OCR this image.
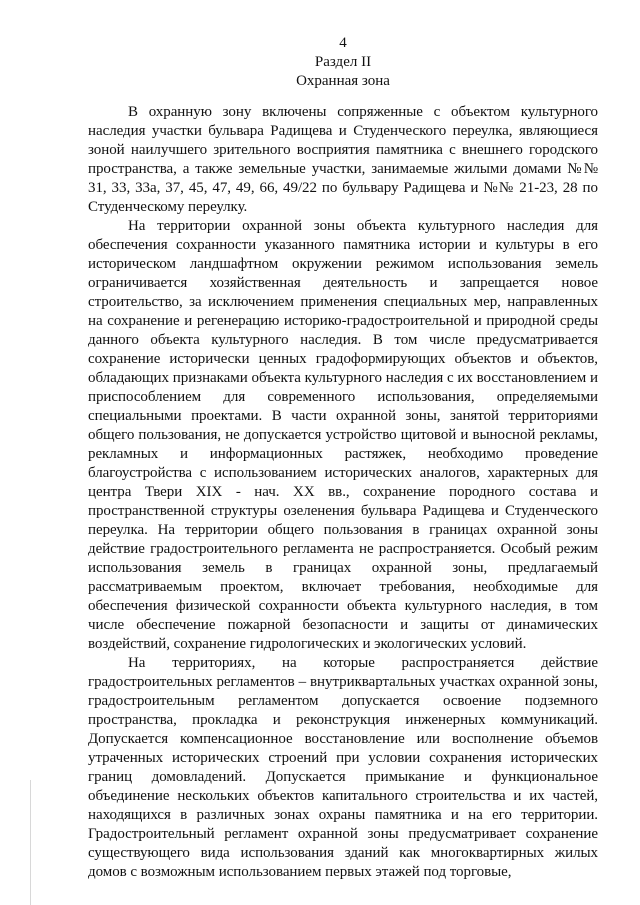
4

Раздел II

Охранная зона

В охранную зону включены сопряженные с объектом культурного наследия участки бульвара Радищева и Студенческого переулка, являющиеся зоной наилучшего зрительного восприятия памятника с внешнего городского пространства, а также земельные участки, занимаемые жилыми домами №№ 31, 33, 33а, 37, 45, 47, 49, 66, 49/22 по бульвару Радищева и №№ 21-23, 28 по Студенческому переулку.

На территории охранной зоны объекта культурного наследия для обеспечения сохранности указанного памятника истории и культуры в его историческом ландшафтном окружении режимом использования земель ограничивается хозяйственная деятельность и запрещается новое строительство, за исключением применения специальных мер, направленных на сохранение и регенерацию историко-градостроительной и природной среды данного объекта культурного наследия. В том числе предусматривается сохранение исторически ценных градоформирующих объектов и объектов, обладающих признаками объекта культурного наследия с их восстановлением и приспособлением для современного использования, определяемыми специальными проектами. В части охранной зоны, занятой территориями общего пользования, не допускается устройство щитовой и выносной рекламы, рекламных и информационных растяжек, необходимо проведение благоустройства с использованием исторических аналогов, характерных для центра Твери XIX - нач. XX вв., сохранение породного состава и пространственной структуры озеленения бульвара Радищева и Студенческого переулка. На территории общего пользования в границах охранной зоны действие градостроительного регламента не распространяется. Особый режим использования земель в границах охранной зоны, предлагаемый рассматриваемым проектом, включает требования, необходимые для обеспечения физической сохранности объекта культурного наследия, в том числе обеспечение пожарной безопасности и защиты от динамических воздействий, сохранение гидрологических и экологических условий.

На территориях, на которые распространяется действие градостроительных регламентов – внутриквартальных участках охранной зоны, градостроительным регламентом допускается освоение подземного пространства, прокладка и реконструкция инженерных коммуникаций. Допускается компенсационное восстановление или восполнение объемов утраченных исторических строений при условии сохранения исторических границ домовладений. Допускается примыкание и функциональное объединение нескольких объектов капитального строительства и их частей, находящихся в различных зонах охраны памятника и на его территории. Градостроительный регламент охранной зоны предусматривает сохранение существующего вида использования зданий как многоквартирных жилых домов с возможным использованием первых этажей под торговые,
